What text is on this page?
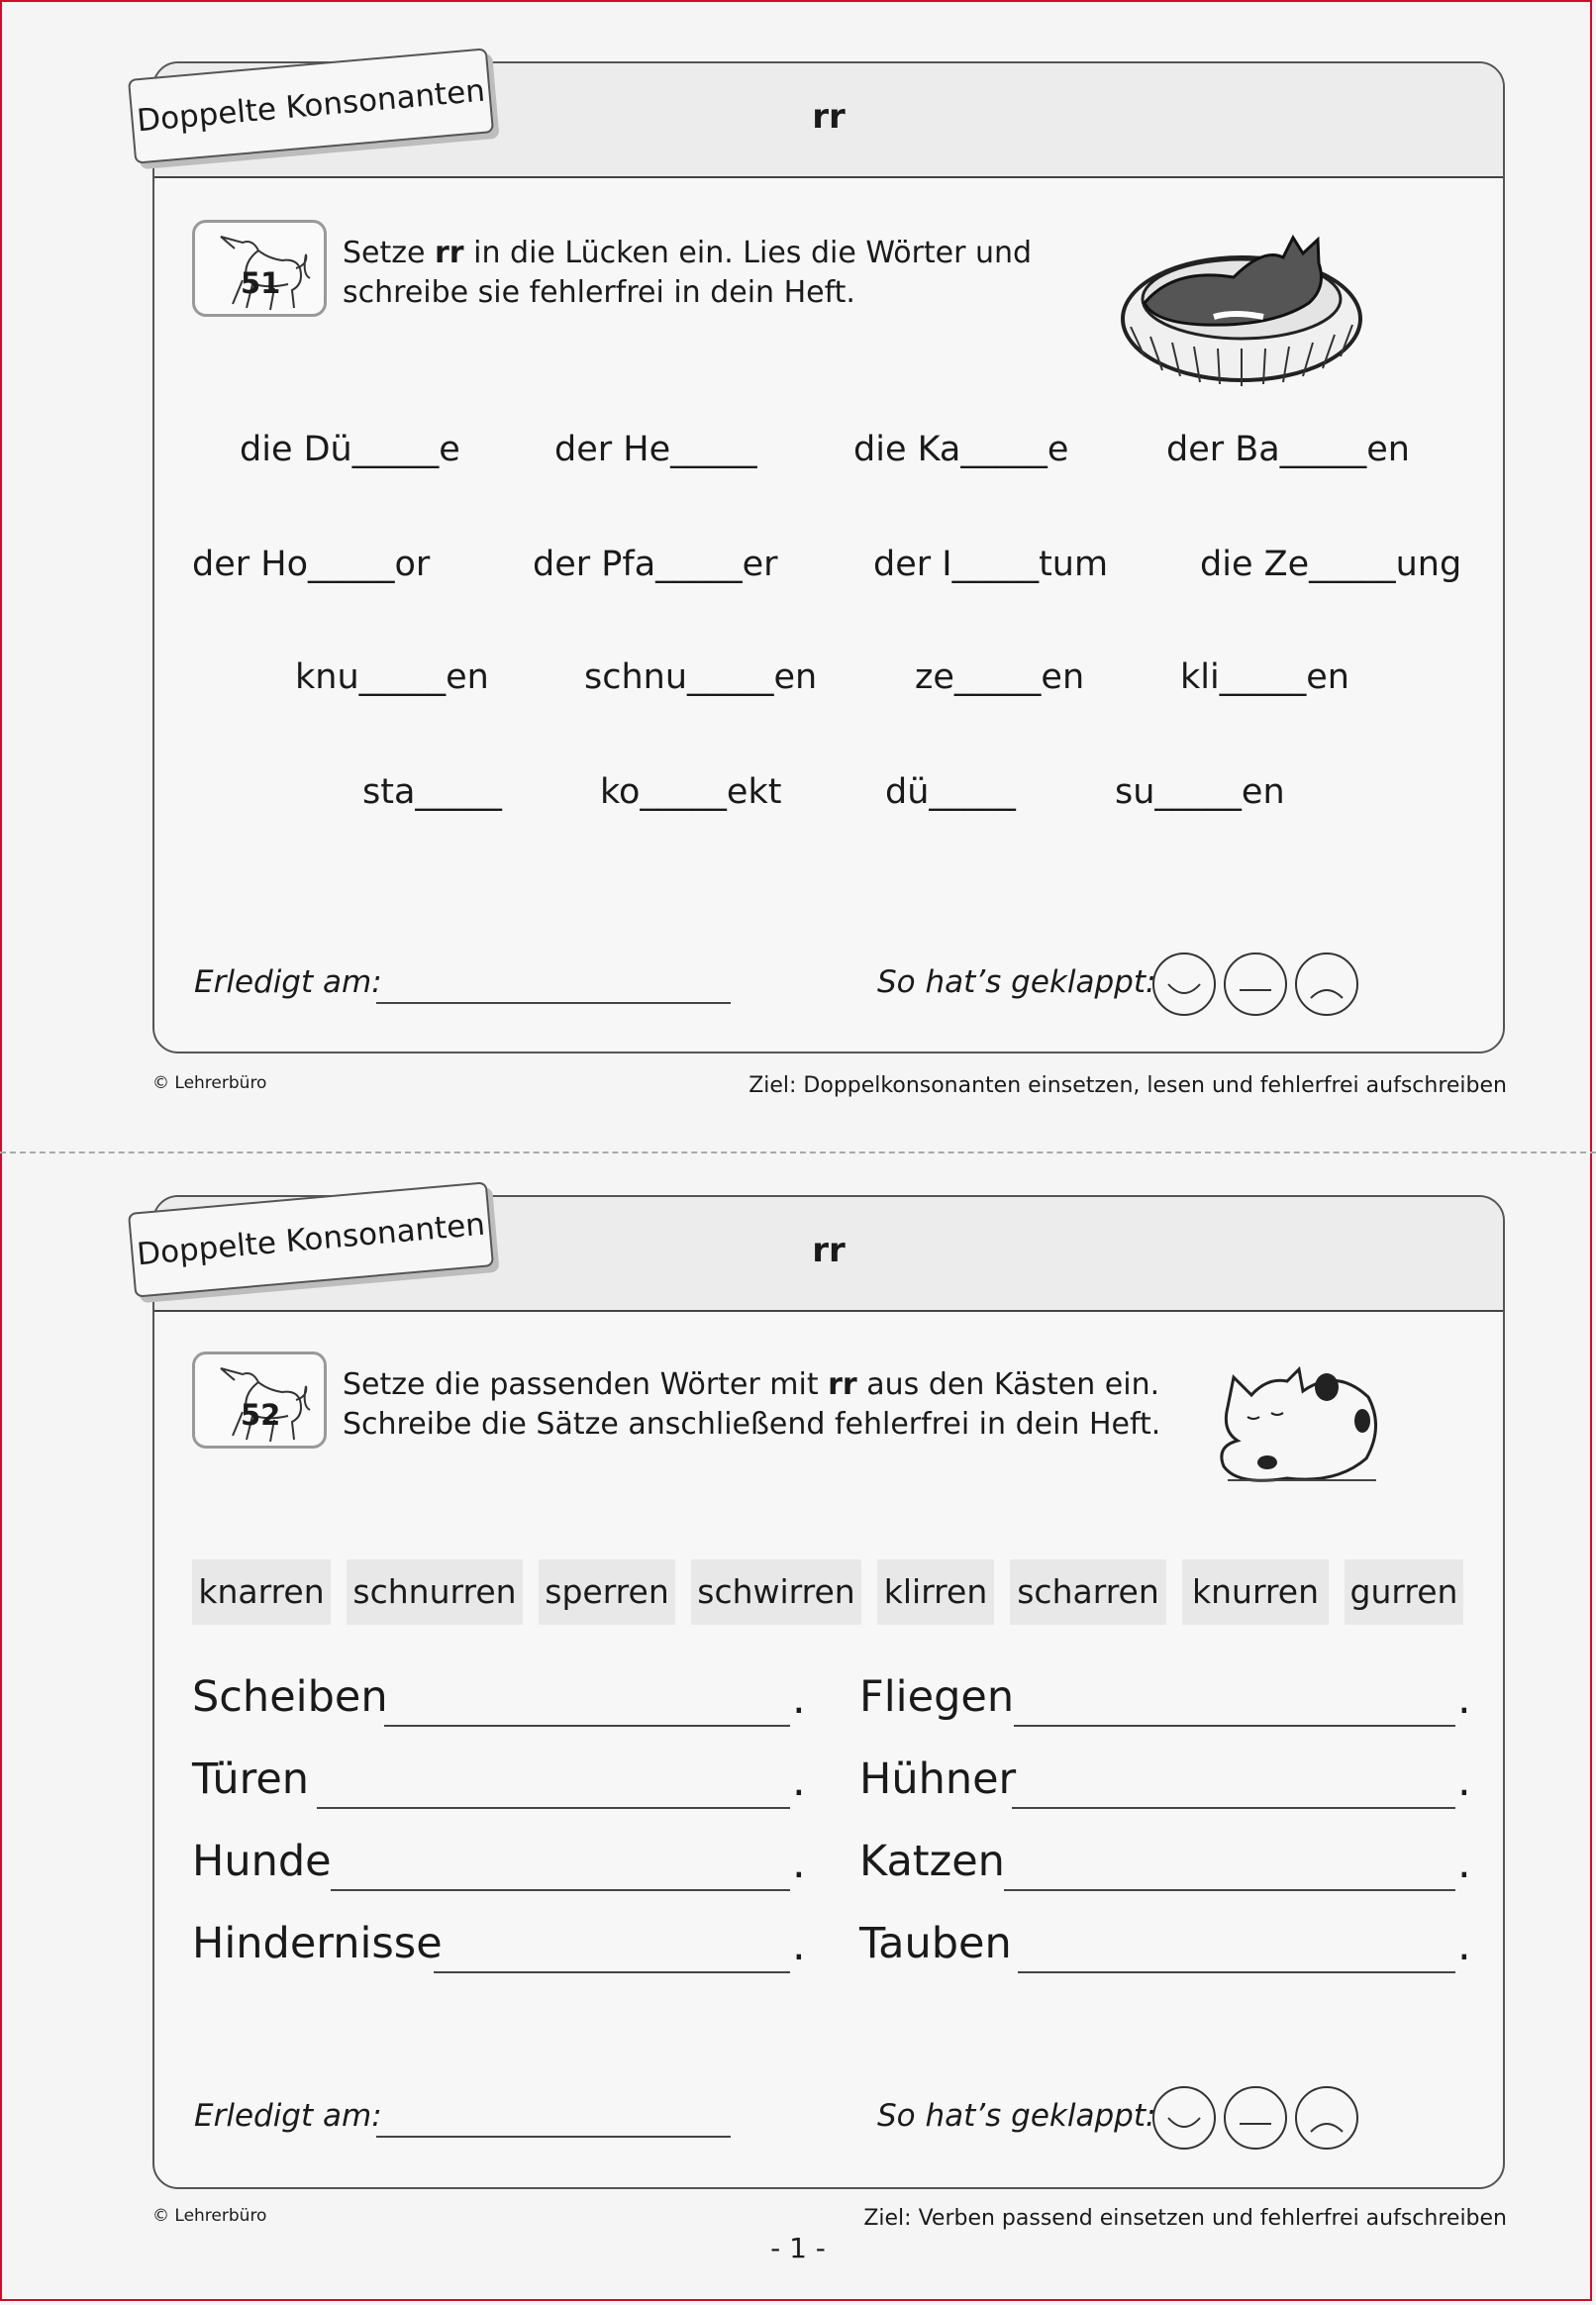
rr
51
Setze rr in die Lücken ein. Lies die Wörter und
schreibe sie fehlerfrei in dein Heft.
die Dü_____e	der He_____	die Ka_____e	der Ba_____en
der Ho_____or	der Pfa_____er	der I_____tum	die Ze_____ung
knu_____en	schnu_____en	ze_____en	kli_____en
sta_____	ko_____ekt	dü_____	su_____en
Erledigt am:	So hat’s geklappt:
Doppelte Konsonanten
© Lehrerbüro	Ziel: Doppelkonsonanten einsetzen, lesen und fehlerfrei aufschreiben
rr
52
Setze die passenden Wörter mit rr aus den Kästen ein.
Schreibe die Sätze anschließend fehlerfrei in dein Heft.
knarren schnurren sperren schwirren klirren scharren	knurren gurren
Scheiben	.
Türen	.
Hunde	.
Hindernisse	.
Fliegen	.
Hühner	.
Katzen	.
Tauben	.
Erledigt am:	So hat’s geklappt:
Doppelte Konsonanten
© Lehrerbüro	Ziel: Verben passend einsetzen und fehlerfrei aufschreiben
- 1 -
